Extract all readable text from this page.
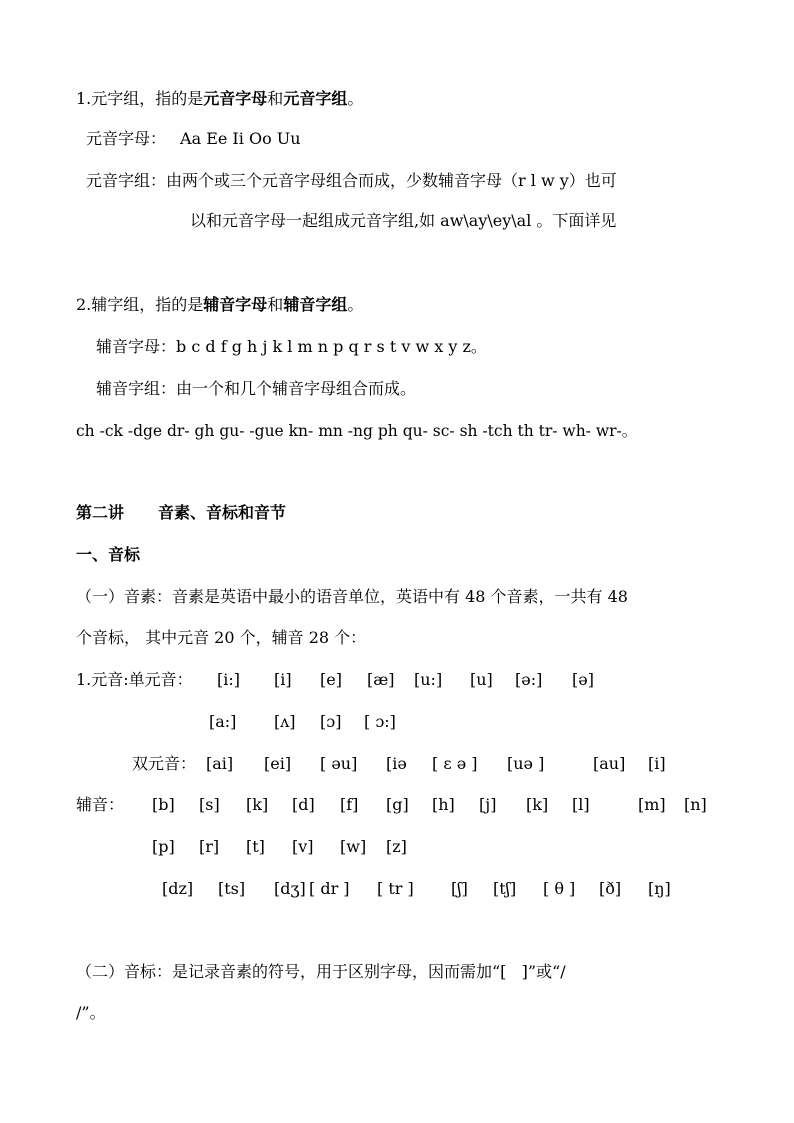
1.元字组，指的是元音字母和元音字组。
元音字母： Aa Ee Ii Oo Uu
元音字组：由两个或三个元音字母组合而成，少数辅音字母（r l w y）也可
以和元音字母一起组成元音字组,如 aw\ay\ey\al 。下面详见
2.辅字组，指的是辅音字母和辅音字组。
辅音字母：b c d f g h j k l m n p q r s t v w x y z。
辅音字组：由一个和几个辅音字母组合而成。
ch -ck -dge dr- gh gu- -gue kn- mn -ng ph qu- sc- sh -tch th tr- wh- wr-。
第二讲 音素、音标和音节
一、音标
（一）音素：音素是英语中最小的语音单位，英语中有 48 个音素，一共有 48
个音标， 其中元音 20 个，辅音 28 个：
1.元音:单元音： [i:] [i] [e] [æ] [u:] [u] [ə:] [ə]
[a:] [ʌ] [ɔ] [ ɔ:]
双元音： [ai] [ei] [ əu] [iə [ ɛ ə ] [uə ]	[au] [i]
辅音： [b] [s] [k] [d] [f] [g] [h] [j] [k] [l]	[m] [n]
[p] [r] [t] [v] [w] [z]
[dz] [ts] [dʒ] [ dr ] [ tr ] [ʃ] [tʃ] [ θ ] [ð] [ŋ]
（二）音标：是记录音素的符号，用于区别字母，因而需加“[   ]”或“/
/”。
